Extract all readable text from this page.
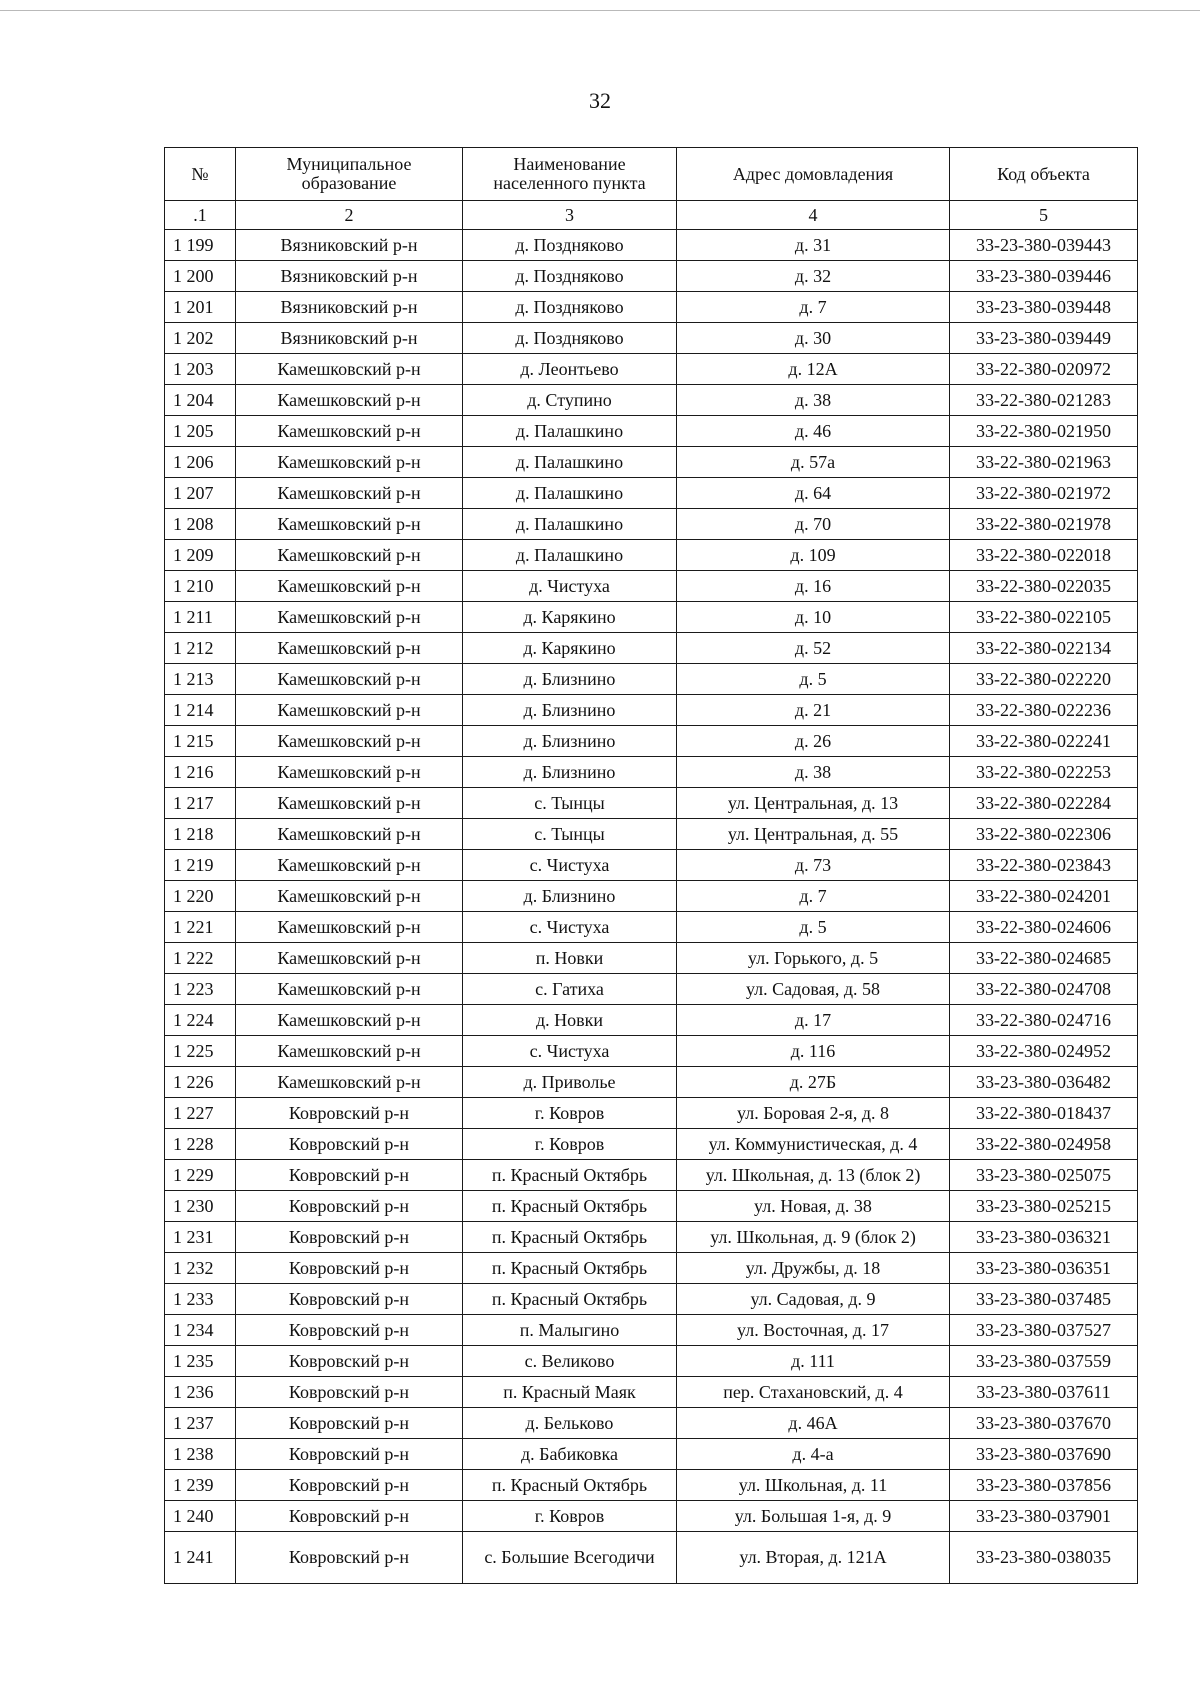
32
№	Муниципальное образование	Наименование населенного пункта	Адрес домовладения	Код объекта
.1	2	3	4	5
1 199	Вязниковский р-н	д. Поздняково	д. 31	33-23-380-039443
1 200	Вязниковский р-н	д. Поздняково	д. 32	33-23-380-039446
1 201	Вязниковский р-н	д. Поздняково	д. 7	33-23-380-039448
1 202	Вязниковский р-н	д. Поздняково	д. 30	33-23-380-039449
1 203	Камешковский р-н	д. Леонтьево	д. 12А	33-22-380-020972
1 204	Камешковский р-н	д. Ступино	д. 38	33-22-380-021283
1 205	Камешковский р-н	д. Палашкино	д. 46	33-22-380-021950
1 206	Камешковский р-н	д. Палашкино	д. 57а	33-22-380-021963
1 207	Камешковский р-н	д. Палашкино	д. 64	33-22-380-021972
1 208	Камешковский р-н	д. Палашкино	д. 70	33-22-380-021978
1 209	Камешковский р-н	д. Палашкино	д. 109	33-22-380-022018
1 210	Камешковский р-н	д. Чистуха	д. 16	33-22-380-022035
1 211	Камешковский р-н	д. Карякино	д. 10	33-22-380-022105
1 212	Камешковский р-н	д. Карякино	д. 52	33-22-380-022134
1 213	Камешковский р-н	д. Близнино	д. 5	33-22-380-022220
1 214	Камешковский р-н	д. Близнино	д. 21	33-22-380-022236
1 215	Камешковский р-н	д. Близнино	д. 26	33-22-380-022241
1 216	Камешковский р-н	д. Близнино	д. 38	33-22-380-022253
1 217	Камешковский р-н	с. Тынцы	ул. Центральная, д. 13	33-22-380-022284
1 218	Камешковский р-н	с. Тынцы	ул. Центральная, д. 55	33-22-380-022306
1 219	Камешковский р-н	с. Чистуха	д. 73	33-22-380-023843
1 220	Камешковский р-н	д. Близнино	д. 7	33-22-380-024201
1 221	Камешковский р-н	с. Чистуха	д. 5	33-22-380-024606
1 222	Камешковский р-н	п. Новки	ул. Горького, д. 5	33-22-380-024685
1 223	Камешковский р-н	с. Гатиха	ул. Садовая, д. 58	33-22-380-024708
1 224	Камешковский р-н	д. Новки	д. 17	33-22-380-024716
1 225	Камешковский р-н	с. Чистуха	д. 116	33-22-380-024952
1 226	Камешковский р-н	д. Приволье	д. 27Б	33-23-380-036482
1 227	Ковровский р-н	г. Ковров	ул. Боровая 2-я, д. 8	33-22-380-018437
1 228	Ковровский р-н	г. Ковров	ул. Коммунистическая, д. 4	33-22-380-024958
1 229	Ковровский р-н	п. Красный Октябрь	ул. Школьная, д. 13 (блок 2)	33-23-380-025075
1 230	Ковровский р-н	п. Красный Октябрь	ул. Новая, д. 38	33-23-380-025215
1 231	Ковровский р-н	п. Красный Октябрь	ул. Школьная, д. 9 (блок 2)	33-23-380-036321
1 232	Ковровский р-н	п. Красный Октябрь	ул. Дружбы, д. 18	33-23-380-036351
1 233	Ковровский р-н	п. Красный Октябрь	ул. Садовая, д. 9	33-23-380-037485
1 234	Ковровский р-н	п. Малыгино	ул. Восточная, д. 17	33-23-380-037527
1 235	Ковровский р-н	с. Великово	д. 111	33-23-380-037559
1 236	Ковровский р-н	п. Красный Маяк	пер. Стахановский, д. 4	33-23-380-037611
1 237	Ковровский р-н	д. Бельково	д. 46А	33-23-380-037670
1 238	Ковровский р-н	д. Бабиковка	д. 4-а	33-23-380-037690
1 239	Ковровский р-н	п. Красный Октябрь	ул. Школьная, д. 11	33-23-380-037856
1 240	Ковровский р-н	г. Ковров	ул. Большая 1-я, д. 9	33-23-380-037901
1 241	Ковровский р-н	с. Большие Всегодичи	ул. Вторая, д. 121А	33-23-380-038035
